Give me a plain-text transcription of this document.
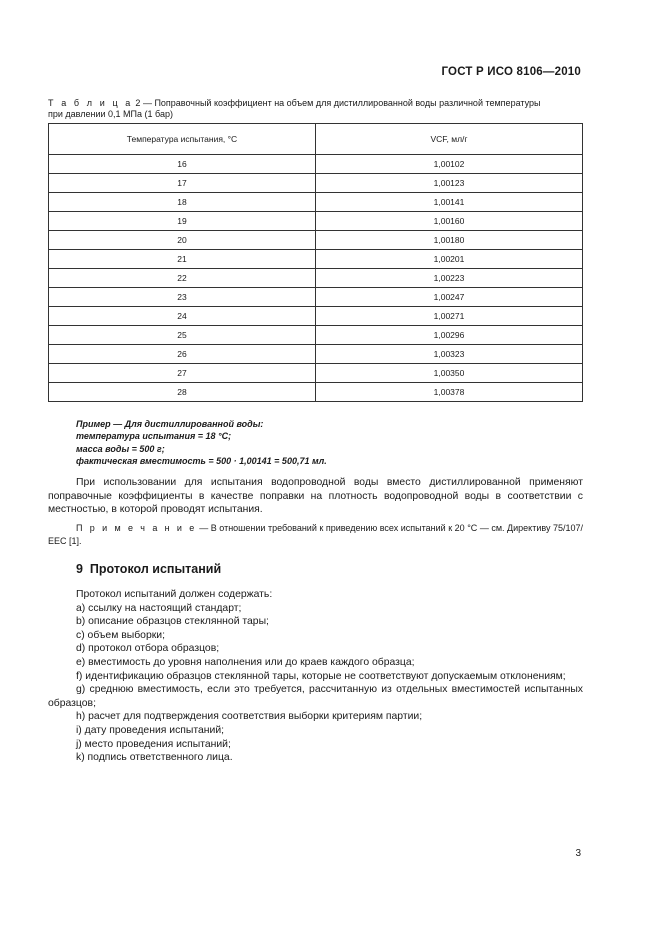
ГОСТ Р ИСО 8106—2010
Т а б л и ц а 2 — Поправочный коэффициент на объем для дистиллированной воды различной температуры
при давлении 0,1 МПа (1 бар)
Температура испытания, °С	VCF, мл/г
16	1,00102
17	1,00123
18	1,00141
19	1,00160
20	1,00180
21	1,00201
22	1,00223
23	1,00247
24	1,00271
25	1,00296
26	1,00323
27	1,00350
28	1,00378
Пример — Для дистиллированной воды:
температура испытания = 18 °С;
масса воды = 500 г;
фактическая вместимость = 500 · 1,00141 = 500,71 мл.
При использовании для испытания водопроводной воды вместо дистиллированной применяют поправочные коэффициенты в качестве поправки на плотность водопроводной воды в соответствии с местностью, в которой проводят испытания.
П р и м е ч а н и е — В отношении требований к приведению всех испытаний к 20 °С — см. Директиву 75/107/ЕЕС [1].
9 Протокол испытаний
Протокол испытаний должен содержать:
а) ссылку на настоящий стандарт;
b) описание образцов стеклянной тары;
с) объем выборки;
d) протокол отбора образцов;
е) вместимость до уровня наполнения или до краев каждого образца;
f) идентификацию образцов стеклянной тары, которые не соответствуют допускаемым отклонениям;
g) среднюю вместимость, если это требуется, рассчитанную из отдельных вместимостей испытанных образцов;
h) расчет для подтверждения соответствия выборки критериям партии;
i) дату проведения испытаний;
j) место проведения испытаний;
k) подпись ответственного лица.
3
